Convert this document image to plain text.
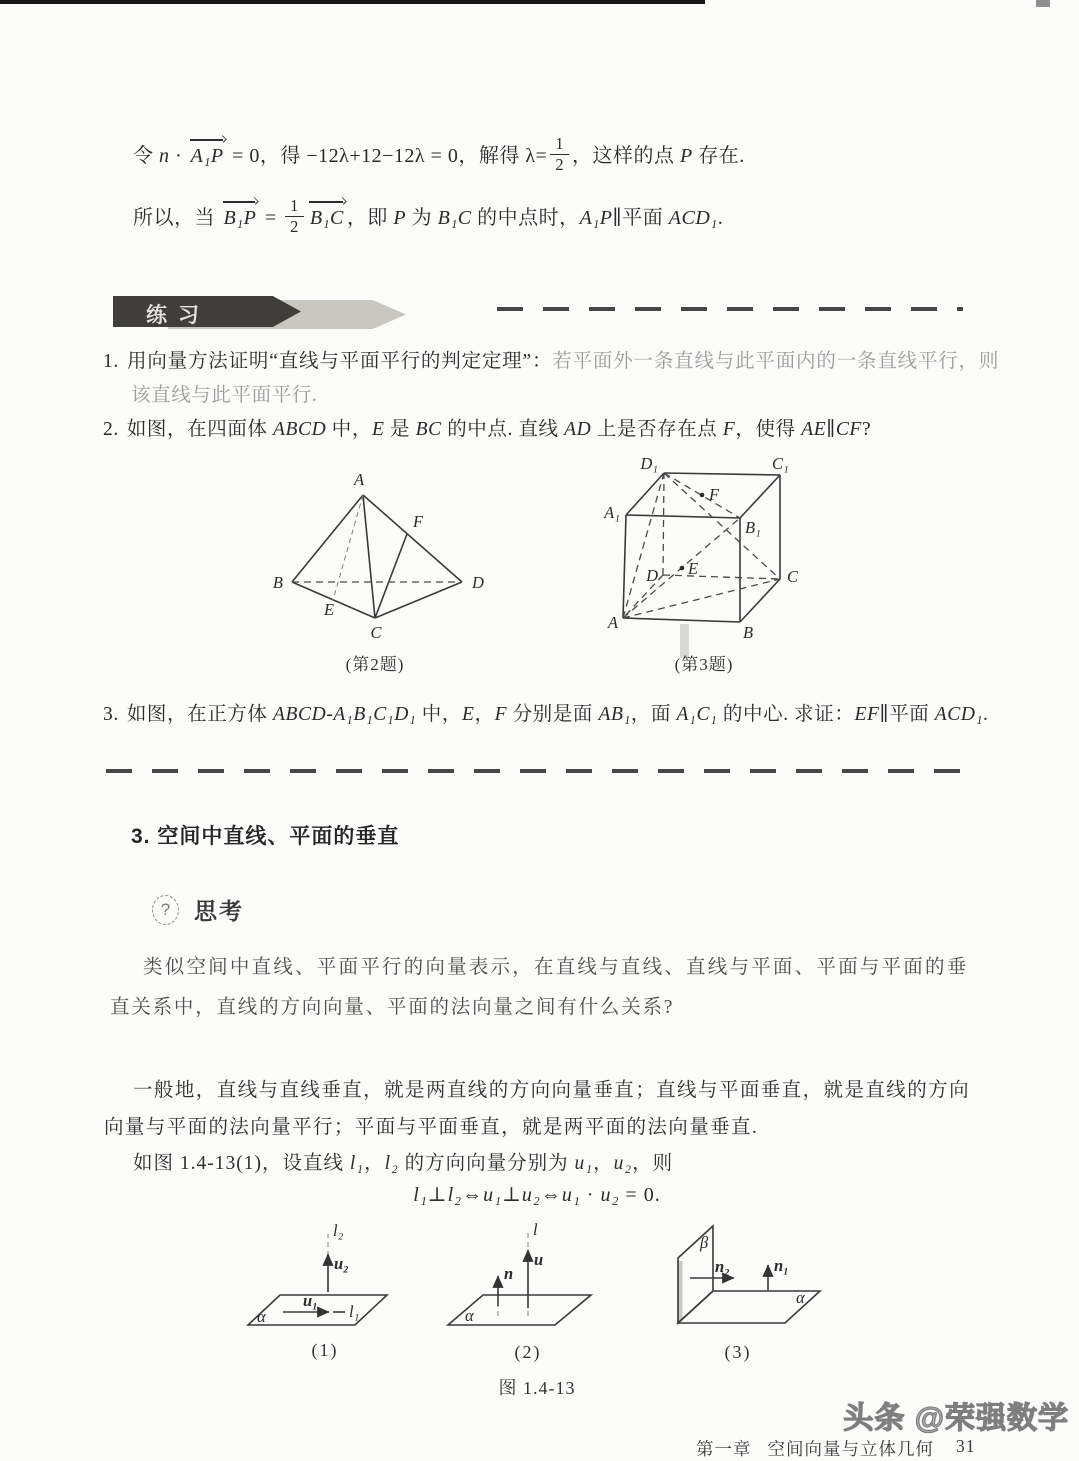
令 n · A₁P = 0，得 −12λ+12−12λ = 0，解得 $\lambda= \frac{1}{2}$ ，这样的点 P 存在.
所以，当 $B_1P = \frac{1}{2} B_1C$ ，即 P 为 B₁C 的中点时，A₁P∥平面 ACD₁.
练习
1. 用向量方法证明“直线与平面平行的判定定理”：若平面外一条直线与此平面内的一条直线平行，则该直线与此平面平行.
2. 如图，在四面体 ABCD 中，E 是 BC 的中点. 直线 AD 上是否存在点 F，使得 AE∥CF?
A
B
C
D
E
F
(第2题)
D₁	C₁
A₁
B₁
D	C
A
B
E
F
(第3题)
3. 如图，在正方体 ABCD-A₁B₁C₁D₁ 中，E，F 分别是面 AB₁，面 A₁C₁ 的中心. 求证：EF∥平面 ACD₁.
3. 空间中直线、平面的垂直
?	思考
类似空间中直线、平面平行的向量表示，在直线与直线、直线与平面、平面与平面的垂直关系中，直线的方向向量、平面的法向量之间有什么关系?
一般地，直线与直线垂直，就是两直线的方向向量垂直；直线与平面垂直，就是直线的方向向量与平面的法向量平行；平面与平面垂直，就是两平面的法向量垂直.
如图 1.4-13(1)，设直线 l₁，l₂ 的方向向量分别为 u₁，u₂，则
l₁⊥l₂⇔u₁⊥u₂⇔u₁ · u₂ = 0.
α
u₁
l₁
u₂
l₂
(1)
α
n
u
l
(2)
β
α
n₂	n₁
(3)
图 1.4-13
头条 @荣强数学
第一章 空间向量与立体几何 31
